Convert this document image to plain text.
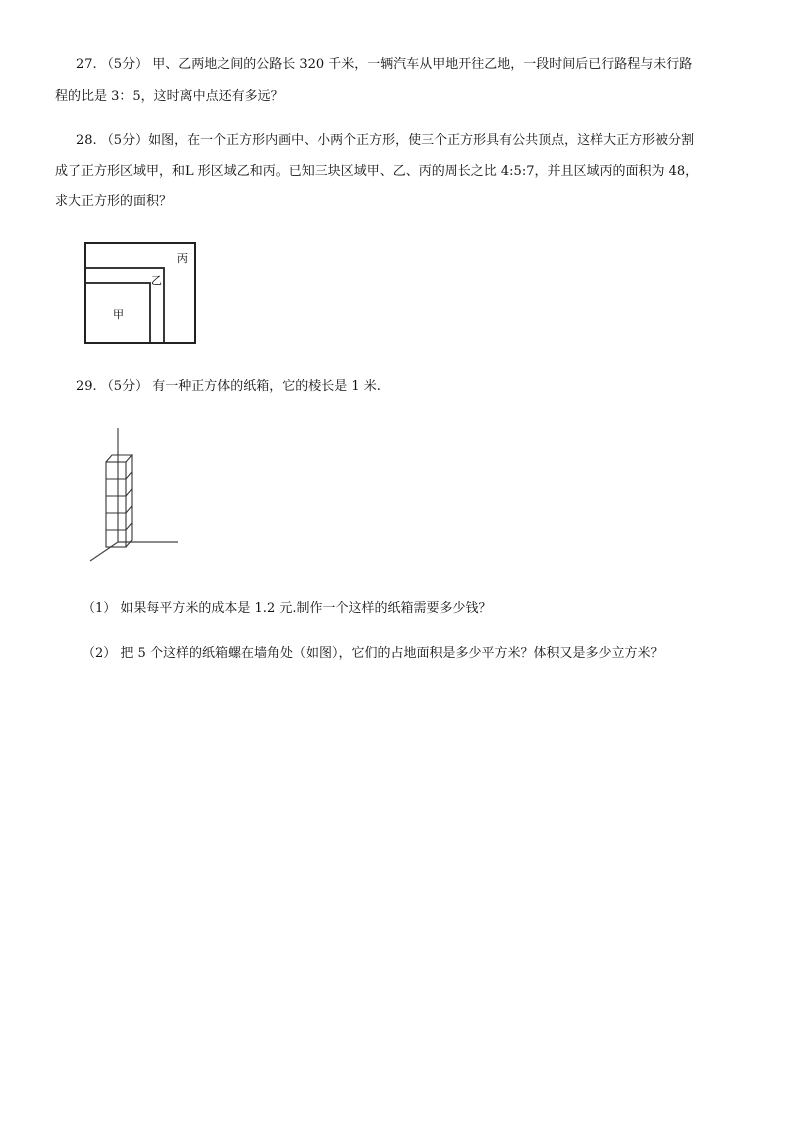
27. （5分） 甲、乙两地之间的公路长 320 千米，一辆汽车从甲地开往乙地，一段时间后已行路程与未行路
程的比是 3：5，这时离中点还有多远？
28. （5分）如图，在一个正方形内画中、小两个正方形，使三个正方形具有公共顶点，这样大正方形被分割
成了正方形区域甲，和L 形区域乙和丙。已知三块区域甲、乙、丙的周长之比 4:5:7，并且区域丙的面积为 48，
求大正方形的面积？
丙
乙
甲
29. （5分） 有一种正方体的纸箱，它的棱长是 1 米.
（1） 如果每平方米的成本是 1.2 元.制作一个这样的纸箱需要多少钱？
（2） 把 5 个这样的纸箱螺在墙角处（如图），它们的占地面积是多少平方米？体积又是多少立方米？
